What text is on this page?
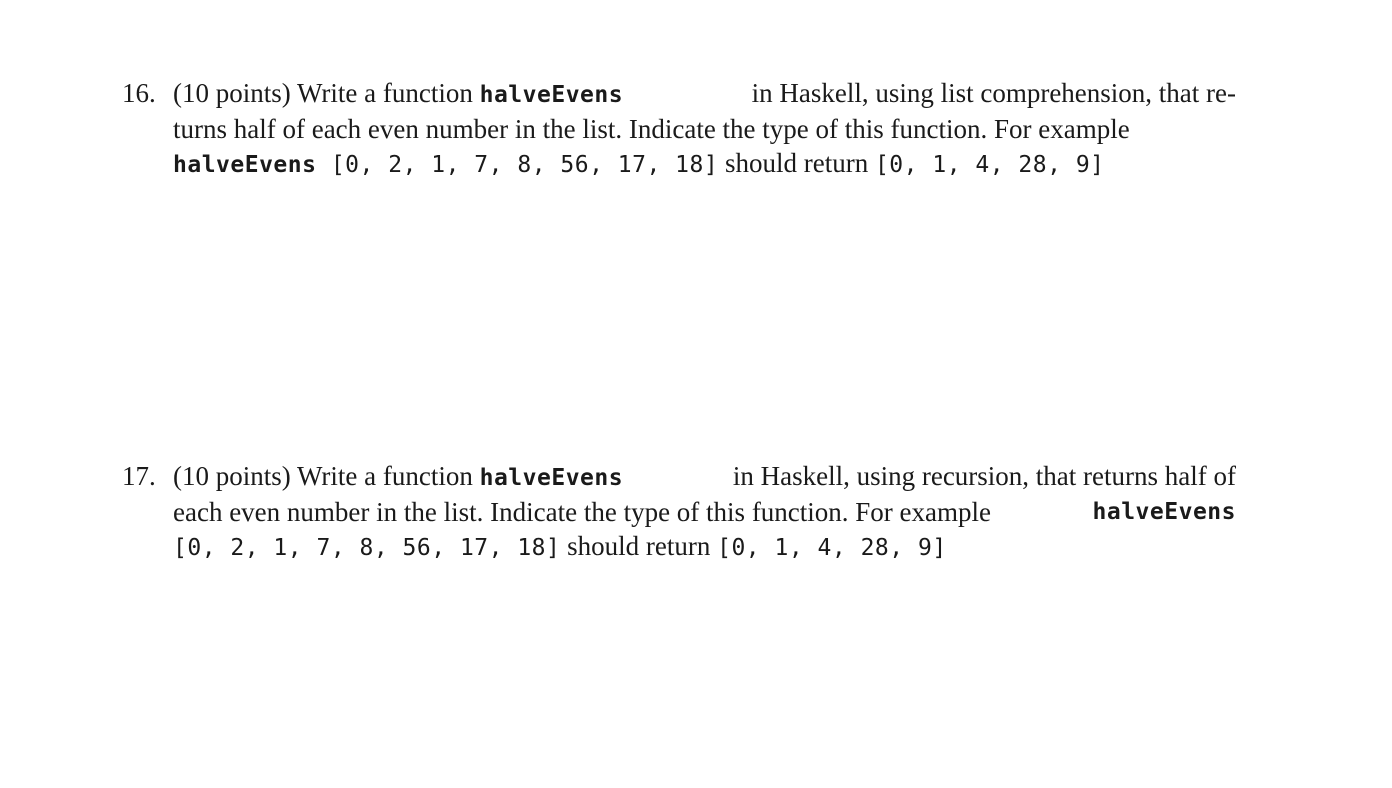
16. (10 points) Write a function halveEvens	in Haskell, using list comprehension, that re-
turns half of each even number in the list. Indicate the type of this function. For example
halveEvens [0, 2, 1, 7, 8, 56, 17, 18] should return [0, 1, 4, 28, 9]
17. (10 points) Write a function halveEvens	in Haskell, using recursion, that returns half of
each even number in the list. Indicate the type of this function. For example	halveEvens
[0, 2, 1, 7, 8, 56, 17, 18] should return [0, 1, 4, 28, 9]
